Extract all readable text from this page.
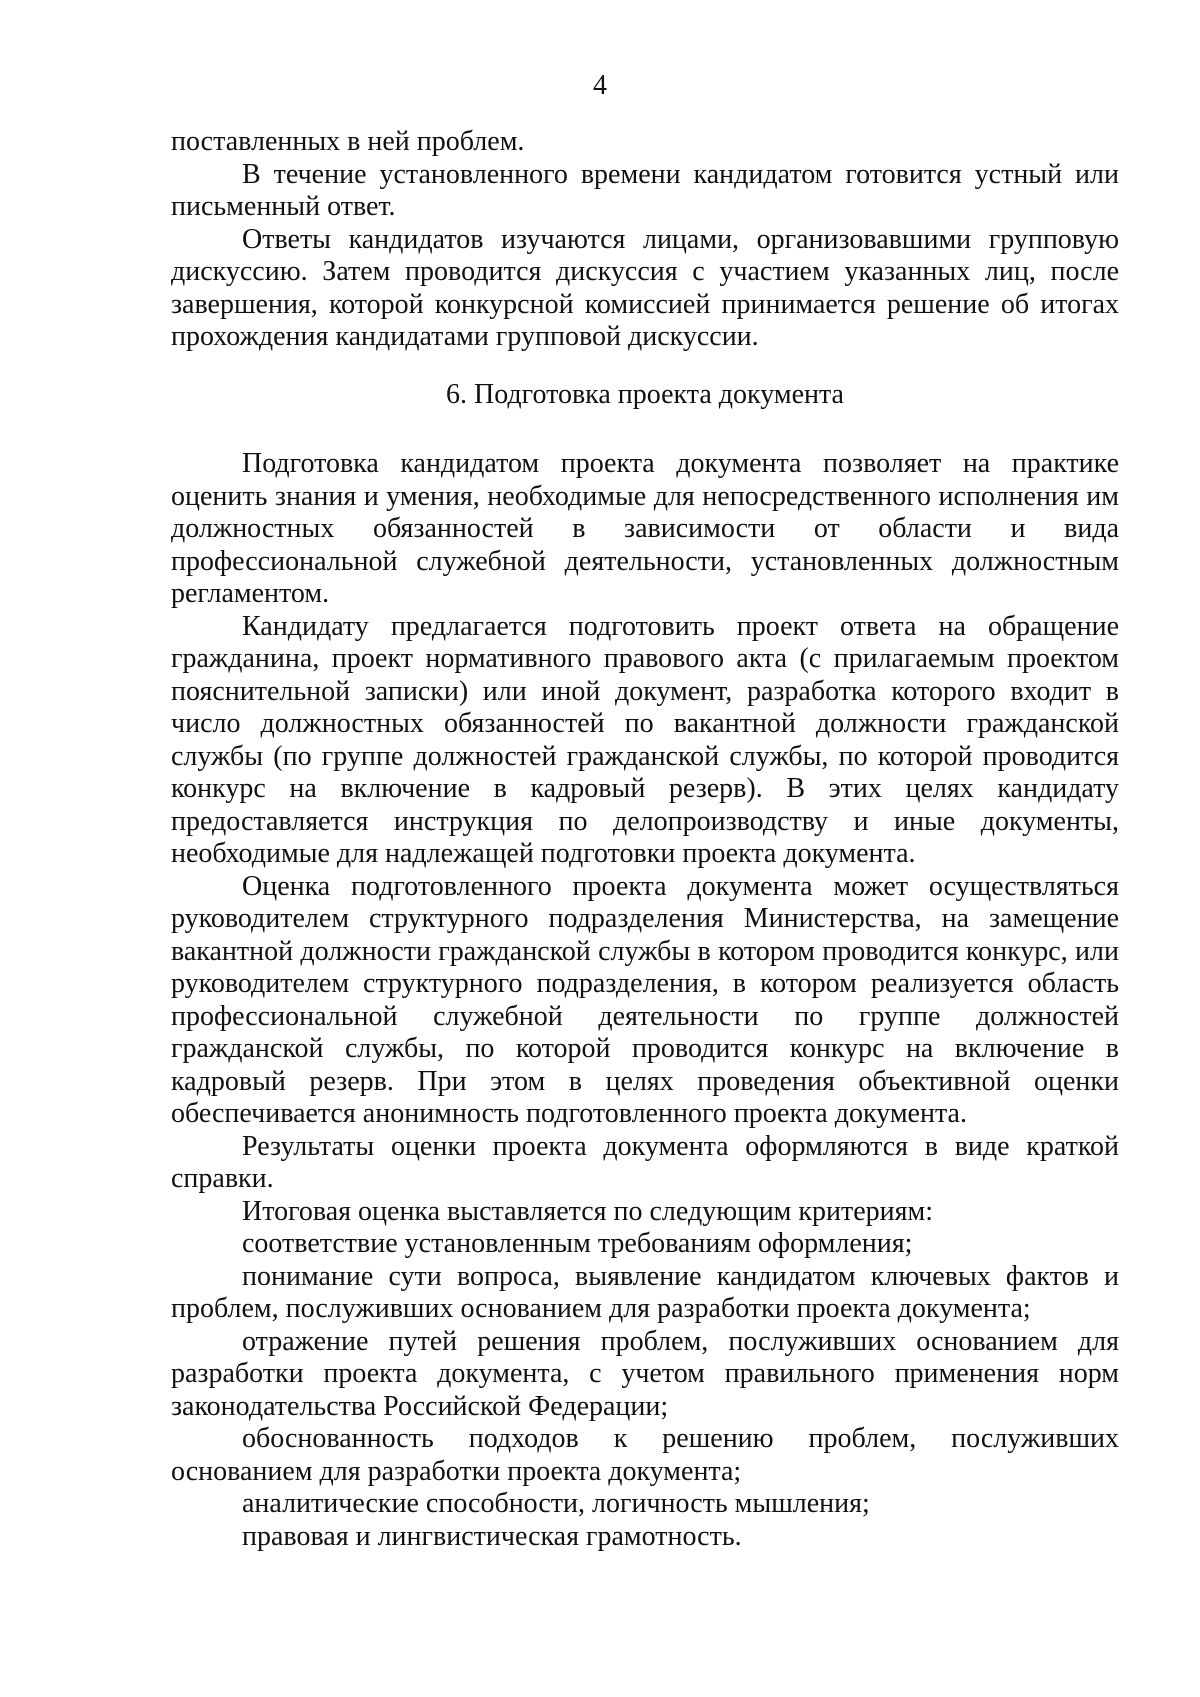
4

поставленных в ней проблем.

В течение установленного времени кандидатом готовится устный или письменный ответ.

Ответы кандидатов изучаются лицами, организовавшими групповую дискуссию. Затем проводится дискуссия с участием указанных лиц, после завершения, которой конкурсной комиссией принимается решение об итогах прохождения кандидатами групповой дискуссии.

6. Подготовка проекта документа

Подготовка кандидатом проекта документа позволяет на практике оценить знания и умения, необходимые для непосредственного исполнения им должностных обязанностей в зависимости от области и вида профессиональной служебной деятельности, установленных должностным регламентом.

Кандидату предлагается подготовить проект ответа на обращение гражданина, проект нормативного правового акта (с прилагаемым проектом пояснительной записки) или иной документ, разработка которого входит в число должностных обязанностей по вакантной должности гражданской службы (по группе должностей гражданской службы, по которой проводится конкурс на включение в кадровый резерв). В этих целях кандидату предоставляется инструкция по делопроизводству и иные документы, необходимые для надлежащей подготовки проекта документа.

Оценка подготовленного проекта документа может осуществляться руководителем структурного подразделения Министерства, на замещение вакантной должности гражданской службы в котором проводится конкурс, или руководителем структурного подразделения, в котором реализуется область профессиональной служебной деятельности по группе должностей гражданской службы, по которой проводится конкурс на включение в кадровый резерв. При этом в целях проведения объективной оценки обеспечивается анонимность подготовленного проекта документа.

Результаты оценки проекта документа оформляются в виде краткой справки.

Итоговая оценка выставляется по следующим критериям:

соответствие установленным требованиям оформления;

понимание сути вопроса, выявление кандидатом ключевых фактов и проблем, послуживших основанием для разработки проекта документа;

отражение путей решения проблем, послуживших основанием для разработки проекта документа, с учетом правильного применения норм законодательства Российской Федерации;

обоснованность подходов к решению проблем, послуживших основанием для разработки проекта документа;

аналитические способности, логичность мышления;

правовая и лингвистическая грамотность.
